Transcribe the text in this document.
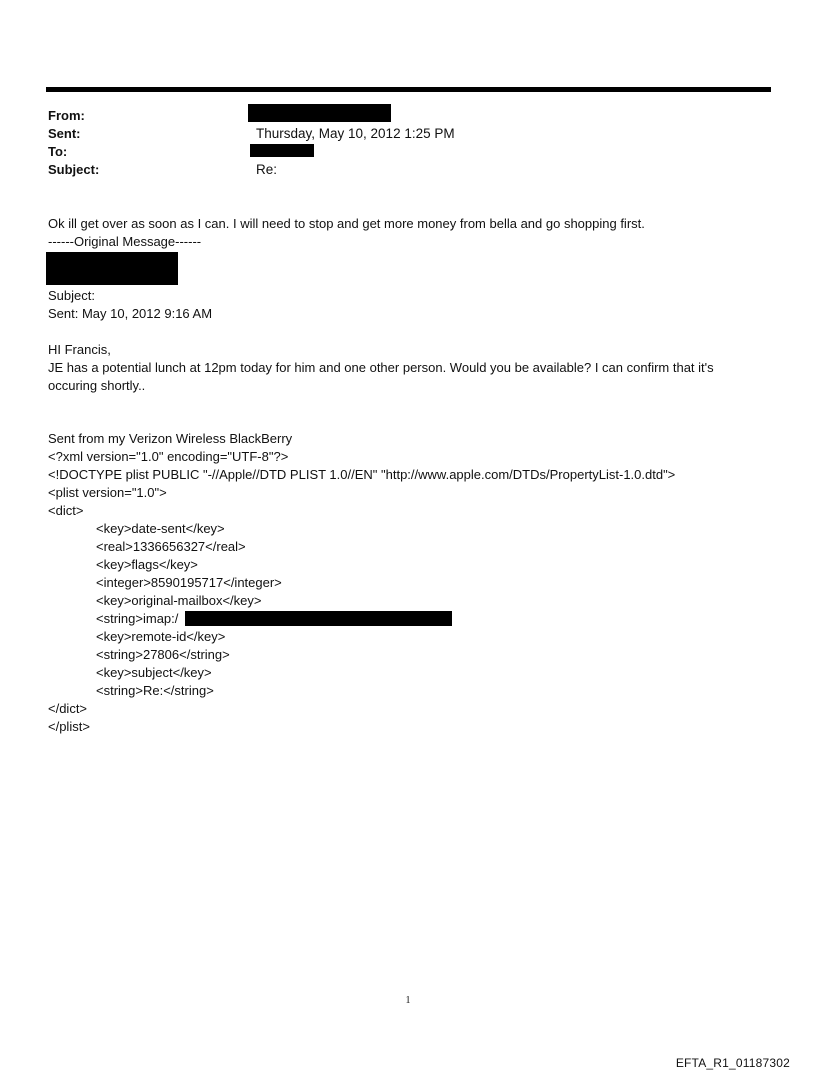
From:
Sent:	Thursday, May 10, 2012 1:25 PM
To:
Subject:	Re:
Ok ill get over as soon as I can. I will need to stop and get more money from bella and go shopping first.
------Original Message------
Subject:
Sent: May 10, 2012 9:16 AM
HI Francis,
JE has a potential lunch at 12pm today for him and one other person. Would you be available? I can confirm that it's
occuring shortly..
Sent from my Verizon Wireless BlackBerry
<?xml version="1.0" encoding="UTF-8"?>
<!DOCTYPE plist PUBLIC "-//Apple//DTD PLIST 1.0//EN" "http://www.apple.com/DTDs/PropertyList-1.0.dtd">
<plist version="1.0">
<dict>
<key>date-sent</key>
<real>1336656327</real>
<key>flags</key>
<integer>8590195717</integer>
<key>original-mailbox</key>
<string>imap:/
<key>remote-id</key>
<string>27806</string>
<key>subject</key>
<string>Re:</string>
</dict>
</plist>
1
EFTA_R1_01187302
